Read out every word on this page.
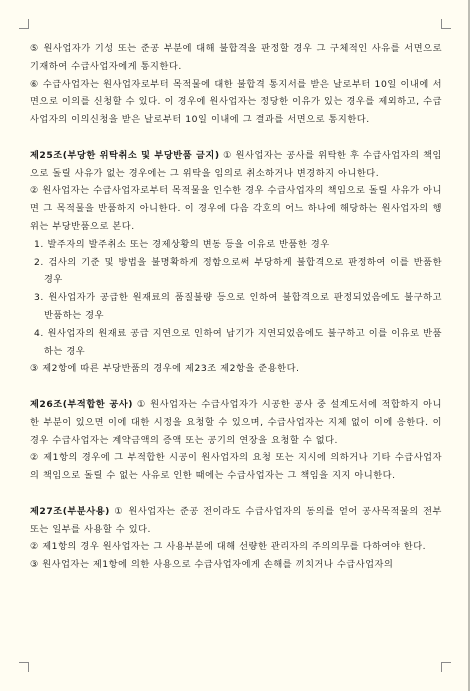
⑤ 원사업자가 기성 또는 준공 부분에 대해 불합격을 판정할 경우 그 구체적인 사유를 서면으로 기재하여 수급사업자에게 통지한다.

⑥ 수급사업자는 원사업자로부터 목적물에 대한 불합격 통지서를 받은 날로부터 10일 이내에 서면으로 이의를 신청할 수 있다. 이 경우에 원사업자는 정당한 이유가 있는 경우를 제외하고, 수급사업자의 이의신청을 받은 날로부터 10일 이내에 그 결과를 서면으로 통지한다.

제25조(부당한 위탁취소 및 부당반품 금지) ① 원사업자는 공사를 위탁한 후 수급사업자의 책임으로 돌릴 사유가 없는 경우에는 그 위탁을 임의로 취소하거나 변경하지 아니한다.

② 원사업자는 수급사업자로부터 목적물을 인수한 경우 수급사업자의 책임으로 돌릴 사유가 아니면 그 목적물을 반품하지 아니한다. 이 경우에 다음 각호의 어느 하나에 해당하는 원사업자의 행위는 부당반품으로 본다.

1. 발주자의 발주취소 또는 경제상황의 변동 등을 이유로 반품한 경우
2. 검사의 기준 및 방법을 불명확하게 정함으로써 부당하게 불합격으로 판정하여 이를 반품한 경우
3. 원사업자가 공급한 원재료의 품질불량 등으로 인하여 불합격으로 판정되었음에도 불구하고 반품하는 경우
4. 원사업자의 원재료 공급 지연으로 인하여 납기가 지연되었음에도 불구하고 이를 이유로 반품하는 경우

③ 제2항에 따른 부당반품의 경우에 제23조 제2항을 준용한다.

제26조(부적합한 공사) ① 원사업자는 수급사업자가 시공한 공사 중 설계도서에 적합하지 아니한 부분이 있으면 이에 대한 시정을 요청할 수 있으며, 수급사업자는 지체 없이 이에 응한다. 이 경우 수급사업자는 계약금액의 증액 또는 공기의 연장을 요청할 수 없다.

② 제1항의 경우에 그 부적합한 시공이 원사업자의 요청 또는 지시에 의하거나 기타 수급사업자의 책임으로 돌릴 수 없는 사유로 인한 때에는 수급사업자는 그 책임을 지지 아니한다.

제27조(부분사용) ① 원사업자는 준공 전이라도 수급사업자의 동의를 얻어 공사목적물의 전부 또는 일부를 사용할 수 있다.

② 제1항의 경우 원사업자는 그 사용부분에 대해 선량한 관리자의 주의의무를 다하여야 한다.

③ 원사업자는 제1항에 의한 사용으로 수급사업자에게 손해를 끼치거나 수급사업자의
